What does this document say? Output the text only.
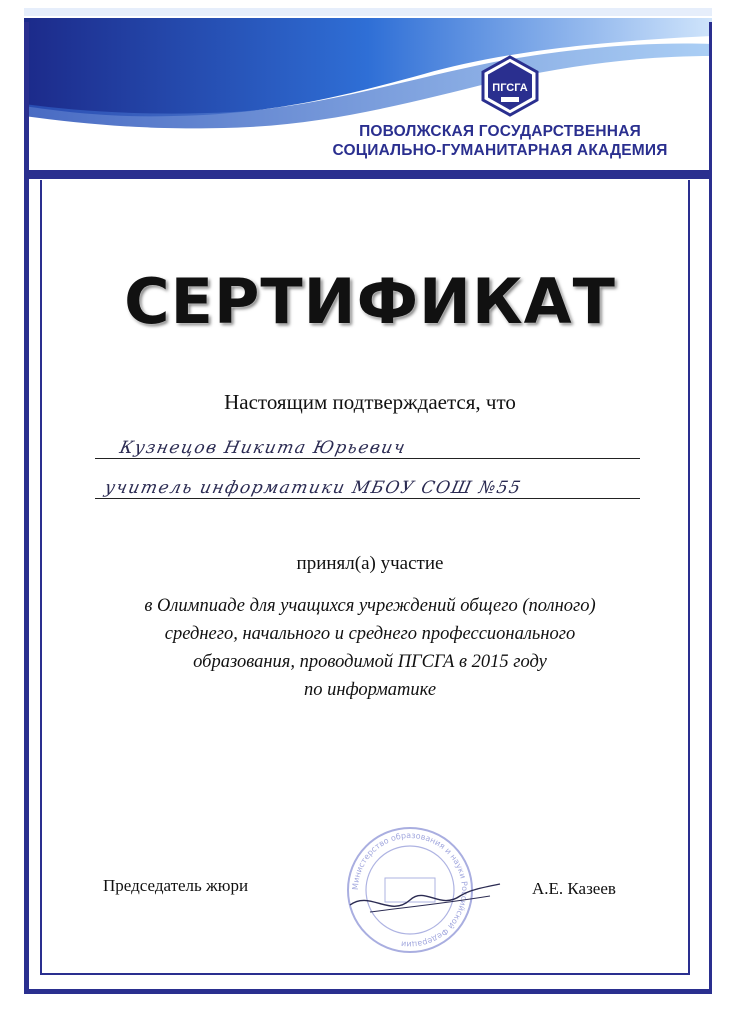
ПГСГА
ПОВОЛЖСКАЯ ГОСУДАРСТВЕННАЯ
СОЦИАЛЬНО-ГУМАНИТАРНАЯ АКАДЕМИЯ
СЕРТИФИКАТ
Настоящим подтверждается, что
Кузнецов Никита Юрьевич
учитель информатики МБОУ СОШ №55
принял(а) участие
в Олимпиаде для учащихся учреждений общего (полного)
среднего, начального и среднего профессионального
образования, проводимой ПГСГА в 2015 году
по информатике
Министерство образования и науки Российской Федерации
Председатель жюри	А.Е. Казеев
